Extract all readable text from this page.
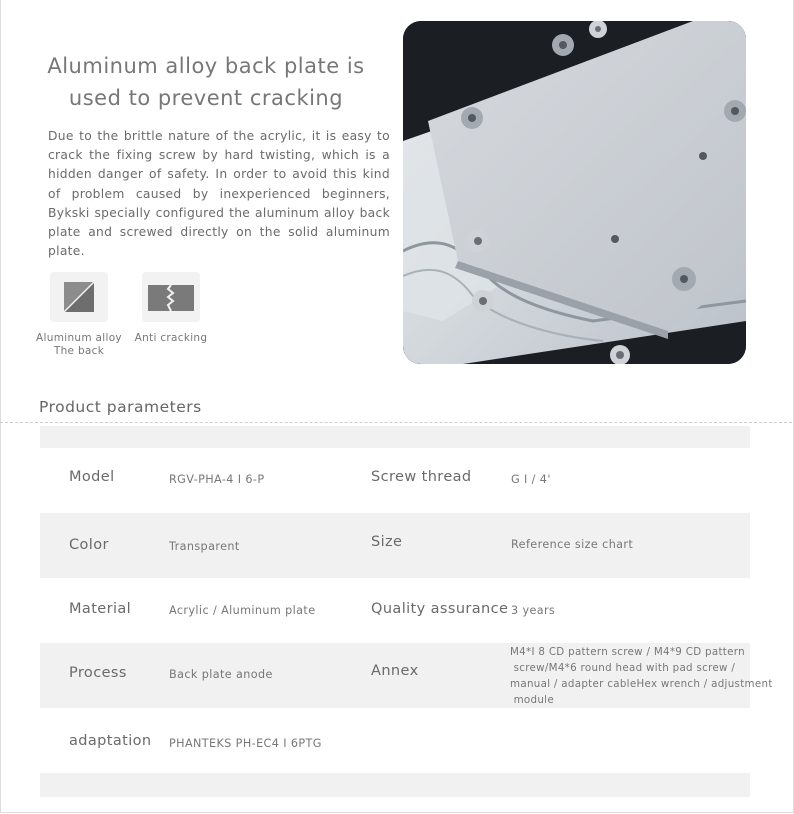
Aluminum alloy back plate is
used to prevent cracking
Due to the brittle nature of the acrylic, it is easy to crack the fixing screw by hard twisting, which is a hidden danger of safety. In order to avoid this kind of problem caused by inexperienced beginners, Bykski specially configured the aluminum alloy back plate and screwed directly on the solid aluminum plate.
Aluminum alloy
The back
Anti cracking
Product parameters
Model	RGV-PHA-4 I 6-P	Screw thread	G I / 4'
Color	Transparent	Size	Reference size chart
Material	Acrylic / Aluminum plate	Quality assurance 3 years
Process	Back plate anode	Annex
M4*I 8 CD pattern screw / M4*9 CD pattern
screw/M4*6 round head with pad screw /
manual / adapter cableHex wrench / adjustment
module
adaptation PHANTEKS PH-EC4 I 6PTG
